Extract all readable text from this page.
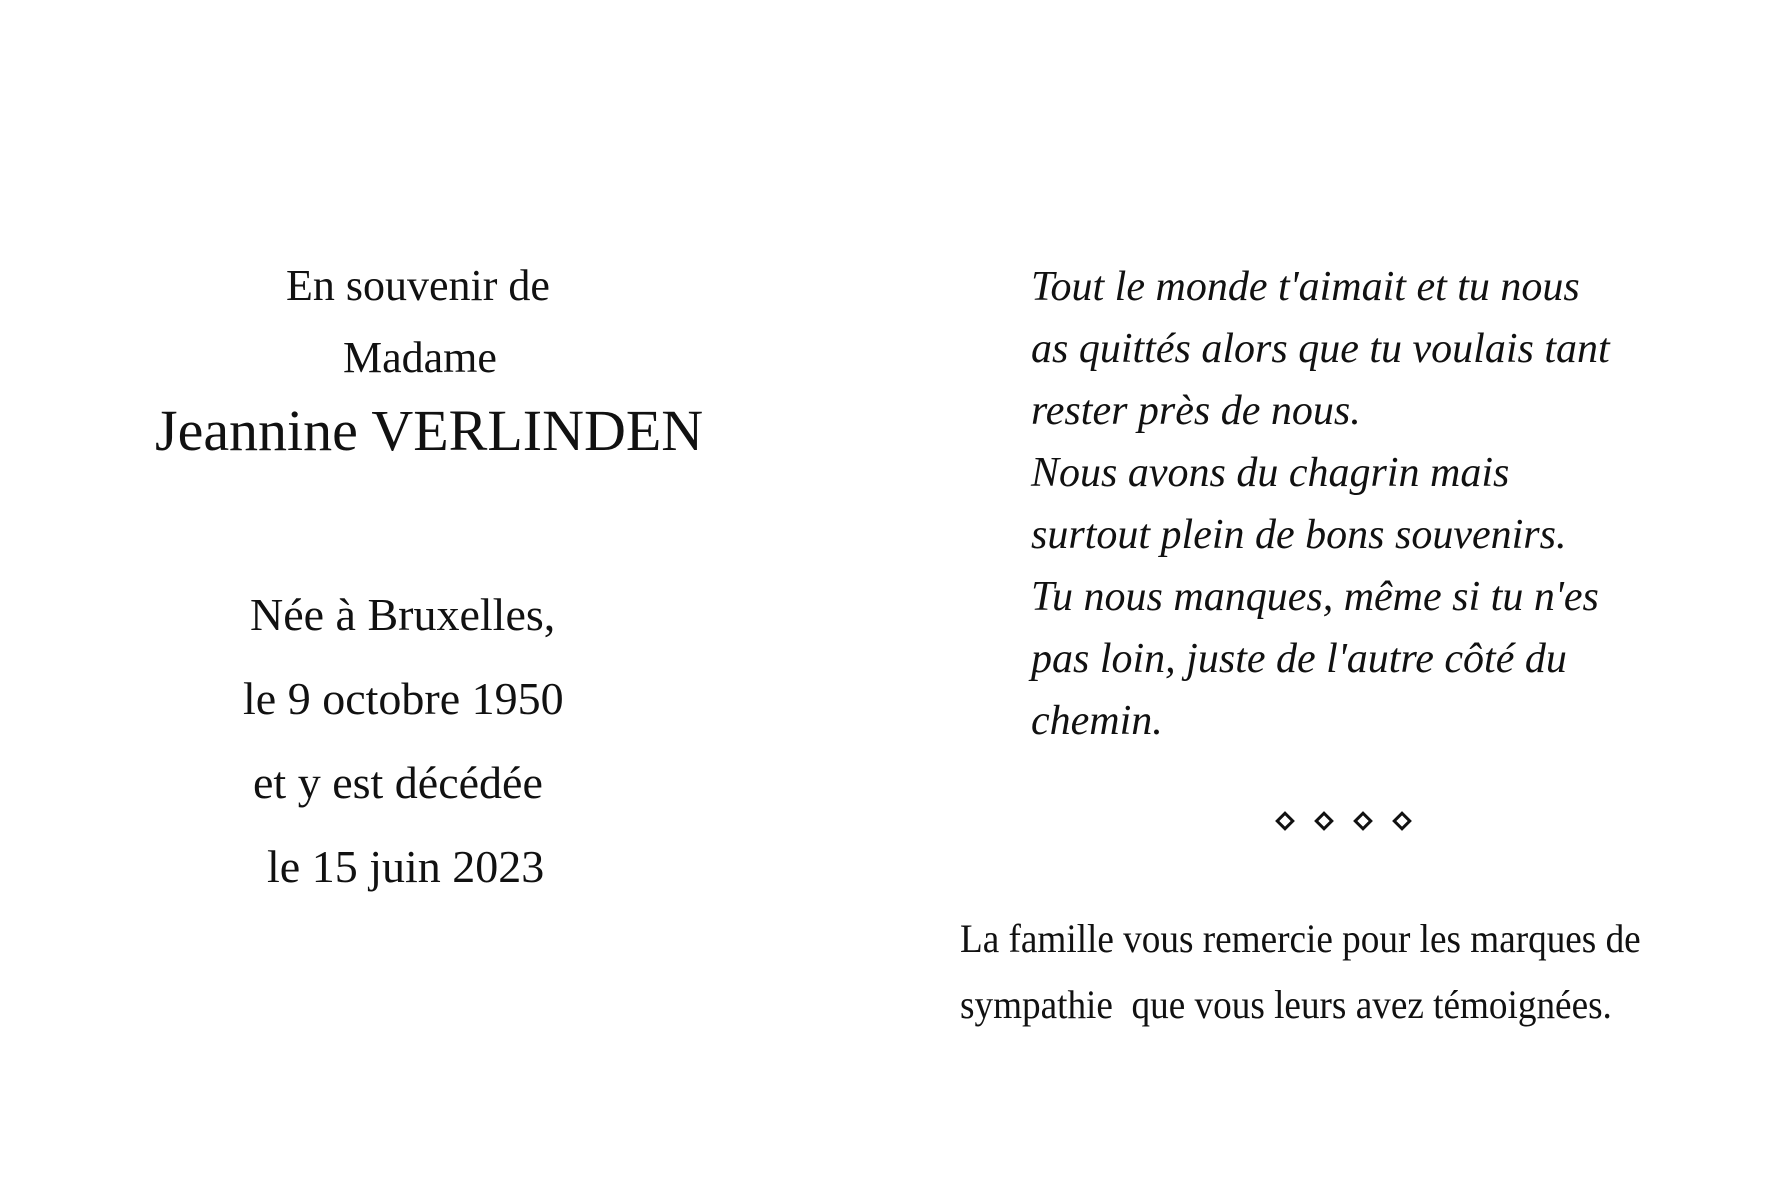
En souvenir de
Madame
Jeannine VERLINDEN
Née à Bruxelles,
le 9 octobre 1950
et y est décédée
le 15 juin 2023
Tout le monde t'aimait et tu nous
as quittés alors que tu voulais tant
rester près de nous.
Nous avons du chagrin mais
surtout plein de bons souvenirs.
Tu nous manques, même si tu n'es
pas loin, juste de l'autre côté du
chemin.
La famille vous remercie pour les marques de
sympathie  que vous leurs avez témoignées.
